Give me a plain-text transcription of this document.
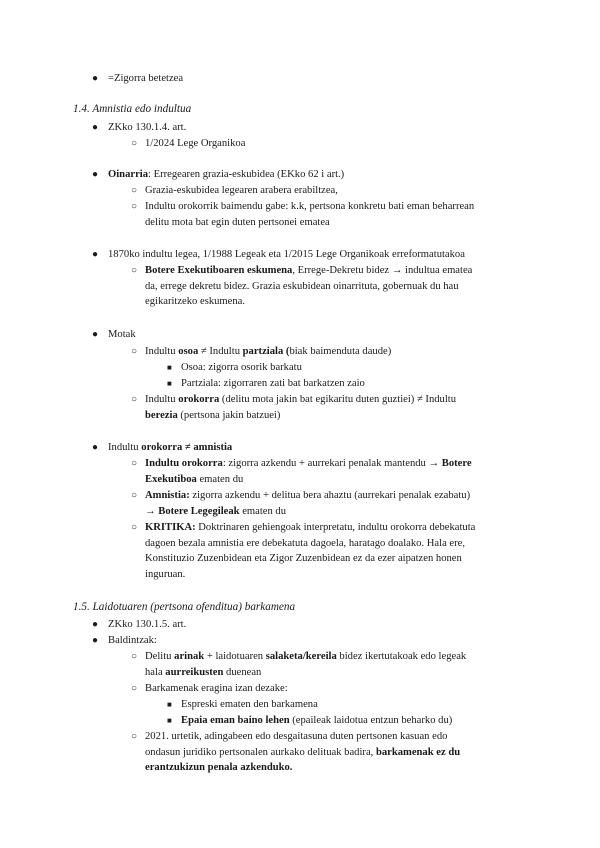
● =Zigorra betetzea
1.4. Amnistia edo indultua
● ZKko 130.1.4. art.
○ 1/2024 Lege Organikoa
● Oinarria: Erregearen grazia-eskubidea (EKko 62 i art.)
○ Grazia-eskubidea legearen arabera erabiltzea,
○ Indultu orokorrik baimendu gabe: k.k, pertsona konkretu bati eman beharrean
delitu mota bat egin duten pertsonei ematea
● 1870ko indultu legea, 1/1988 Legeak eta 1/2015 Lege Organikoak erreformatutakoa
○ Botere Exekutiboaren eskumena, Errege-Dekretu bidez → indultua ematea
da, errege dekretu bidez. Grazia eskubidean oinarrituta, gobernuak du hau
egikaritzeko eskumena.
● Motak
○ Indultu osoa ≠ Indultu partziala (biak baimenduta daude)
■ Osoa: zigorra osorik barkatu
■ Partziala: zigorraren zati bat barkatzen zaio
○ Indultu orokorra (delitu mota jakin bat egikaritu duten guztiei) ≠ Indultu
berezia (pertsona jakin batzuei)
● Indultu orokorra ≠ amnistia
○ Indultu orokorra: zigorra azkendu + aurrekari penalak mantendu → Botere
Exekutiboa ematen du
○ Amnistia: zigorra azkendu + delitua bera ahaztu (aurrekari penalak ezabatu)
→ Botere Legegileak ematen du
○ KRITIKA: Doktrinaren gehiengoak interpretatu, indultu orokorra debekatuta
dagoen bezala amnistia ere debekatuta dagoela, haratago doalako. Hala ere,
Konstituzio Zuzenbidean eta Zigor Zuzenbidean ez da ezer aipatzen honen
inguruan.
1.5. Laidotuaren (pertsona ofenditua) barkamena
● ZKko 130.1.5. art.
● Baldintzak:
○ Delitu arinak + laidotuaren salaketa/kereila bidez ikertutakoak edo legeak
hala aurreikusten duenean
○ Barkamenak eragina izan dezake:
■ Espreski ematen den barkamena
■ Epaia eman baino lehen (epaileak laidotua entzun beharko du)
○ 2021. urtetik, adingabeen edo desgaitasuna duten pertsonen kasuan edo
ondasun juridiko pertsonalen aurkako delituak badira, barkamenak ez du
erantzukizun penala azkenduko.
